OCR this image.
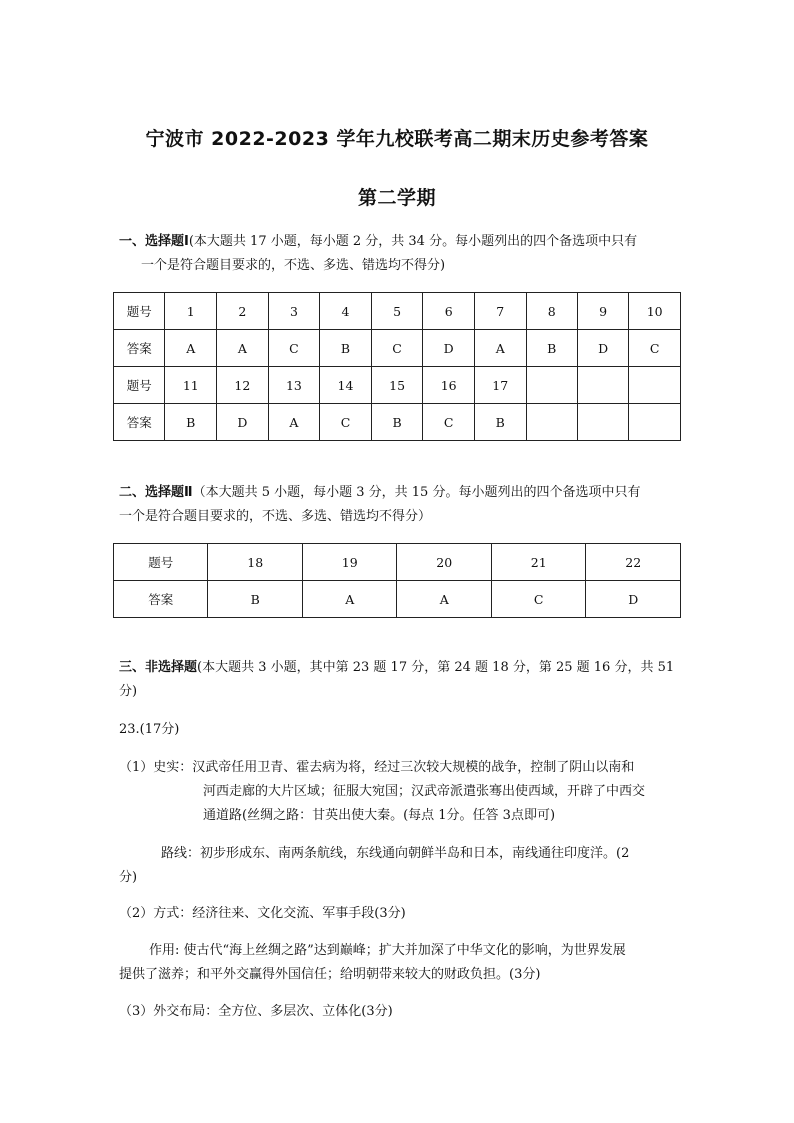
宁波市 2022-2023 学年九校联考高二期末历史参考答案
第二学期
一、选择题Ⅰ(本大题共 17 小题，每小题 2 分，共 34 分。每小题列出的四个备选项中只有
一个是符合题目要求的，不选、多选、错选均不得分)
题号	1	2	3	4	5	6	7	8	9	10
答案	A	A	C	B	C	D	A	B	D	C
题号	11	12	13	14	15	16	17			
答案	B	D	A	C	B	C	B			
二、选择题Ⅱ（本大题共 5 小题，每小题 3 分，共 15 分。每小题列出的四个备选项中只有
一个是符合题目要求的，不选、多选、错选均不得分）
题号	18	19	20	21	22
答案	B	A	A	C	D
三、非选择题(本大题共 3 小题，其中第 23 题 17 分，第 24 题 18 分，第 25 题 16 分，共 51
分)
23.(17分)
（1）史实：汉武帝任用卫青、霍去病为将，经过三次较大规模的战争，控制了阴山以南和
河西走廊的大片区域；征服大宛国；汉武帝派遣张骞出使西域，开辟了中西交
通道路(丝绸之路：甘英出使大秦。(每点 1分。任答 3点即可)
路线：初步形成东、南两条航线，东线通向朝鲜半岛和日本，南线通往印度洋。(2
分)
（2）方式：经济往来、文化交流、军事手段(3分)
作用: 使古代“海上丝绸之路”达到巅峰；扩大并加深了中华文化的影响，为世界发展
提供了滋养；和平外交赢得外国信任；给明朝带来较大的财政负担。(3分)
（3）外交布局：全方位、多层次、立体化(3分)
